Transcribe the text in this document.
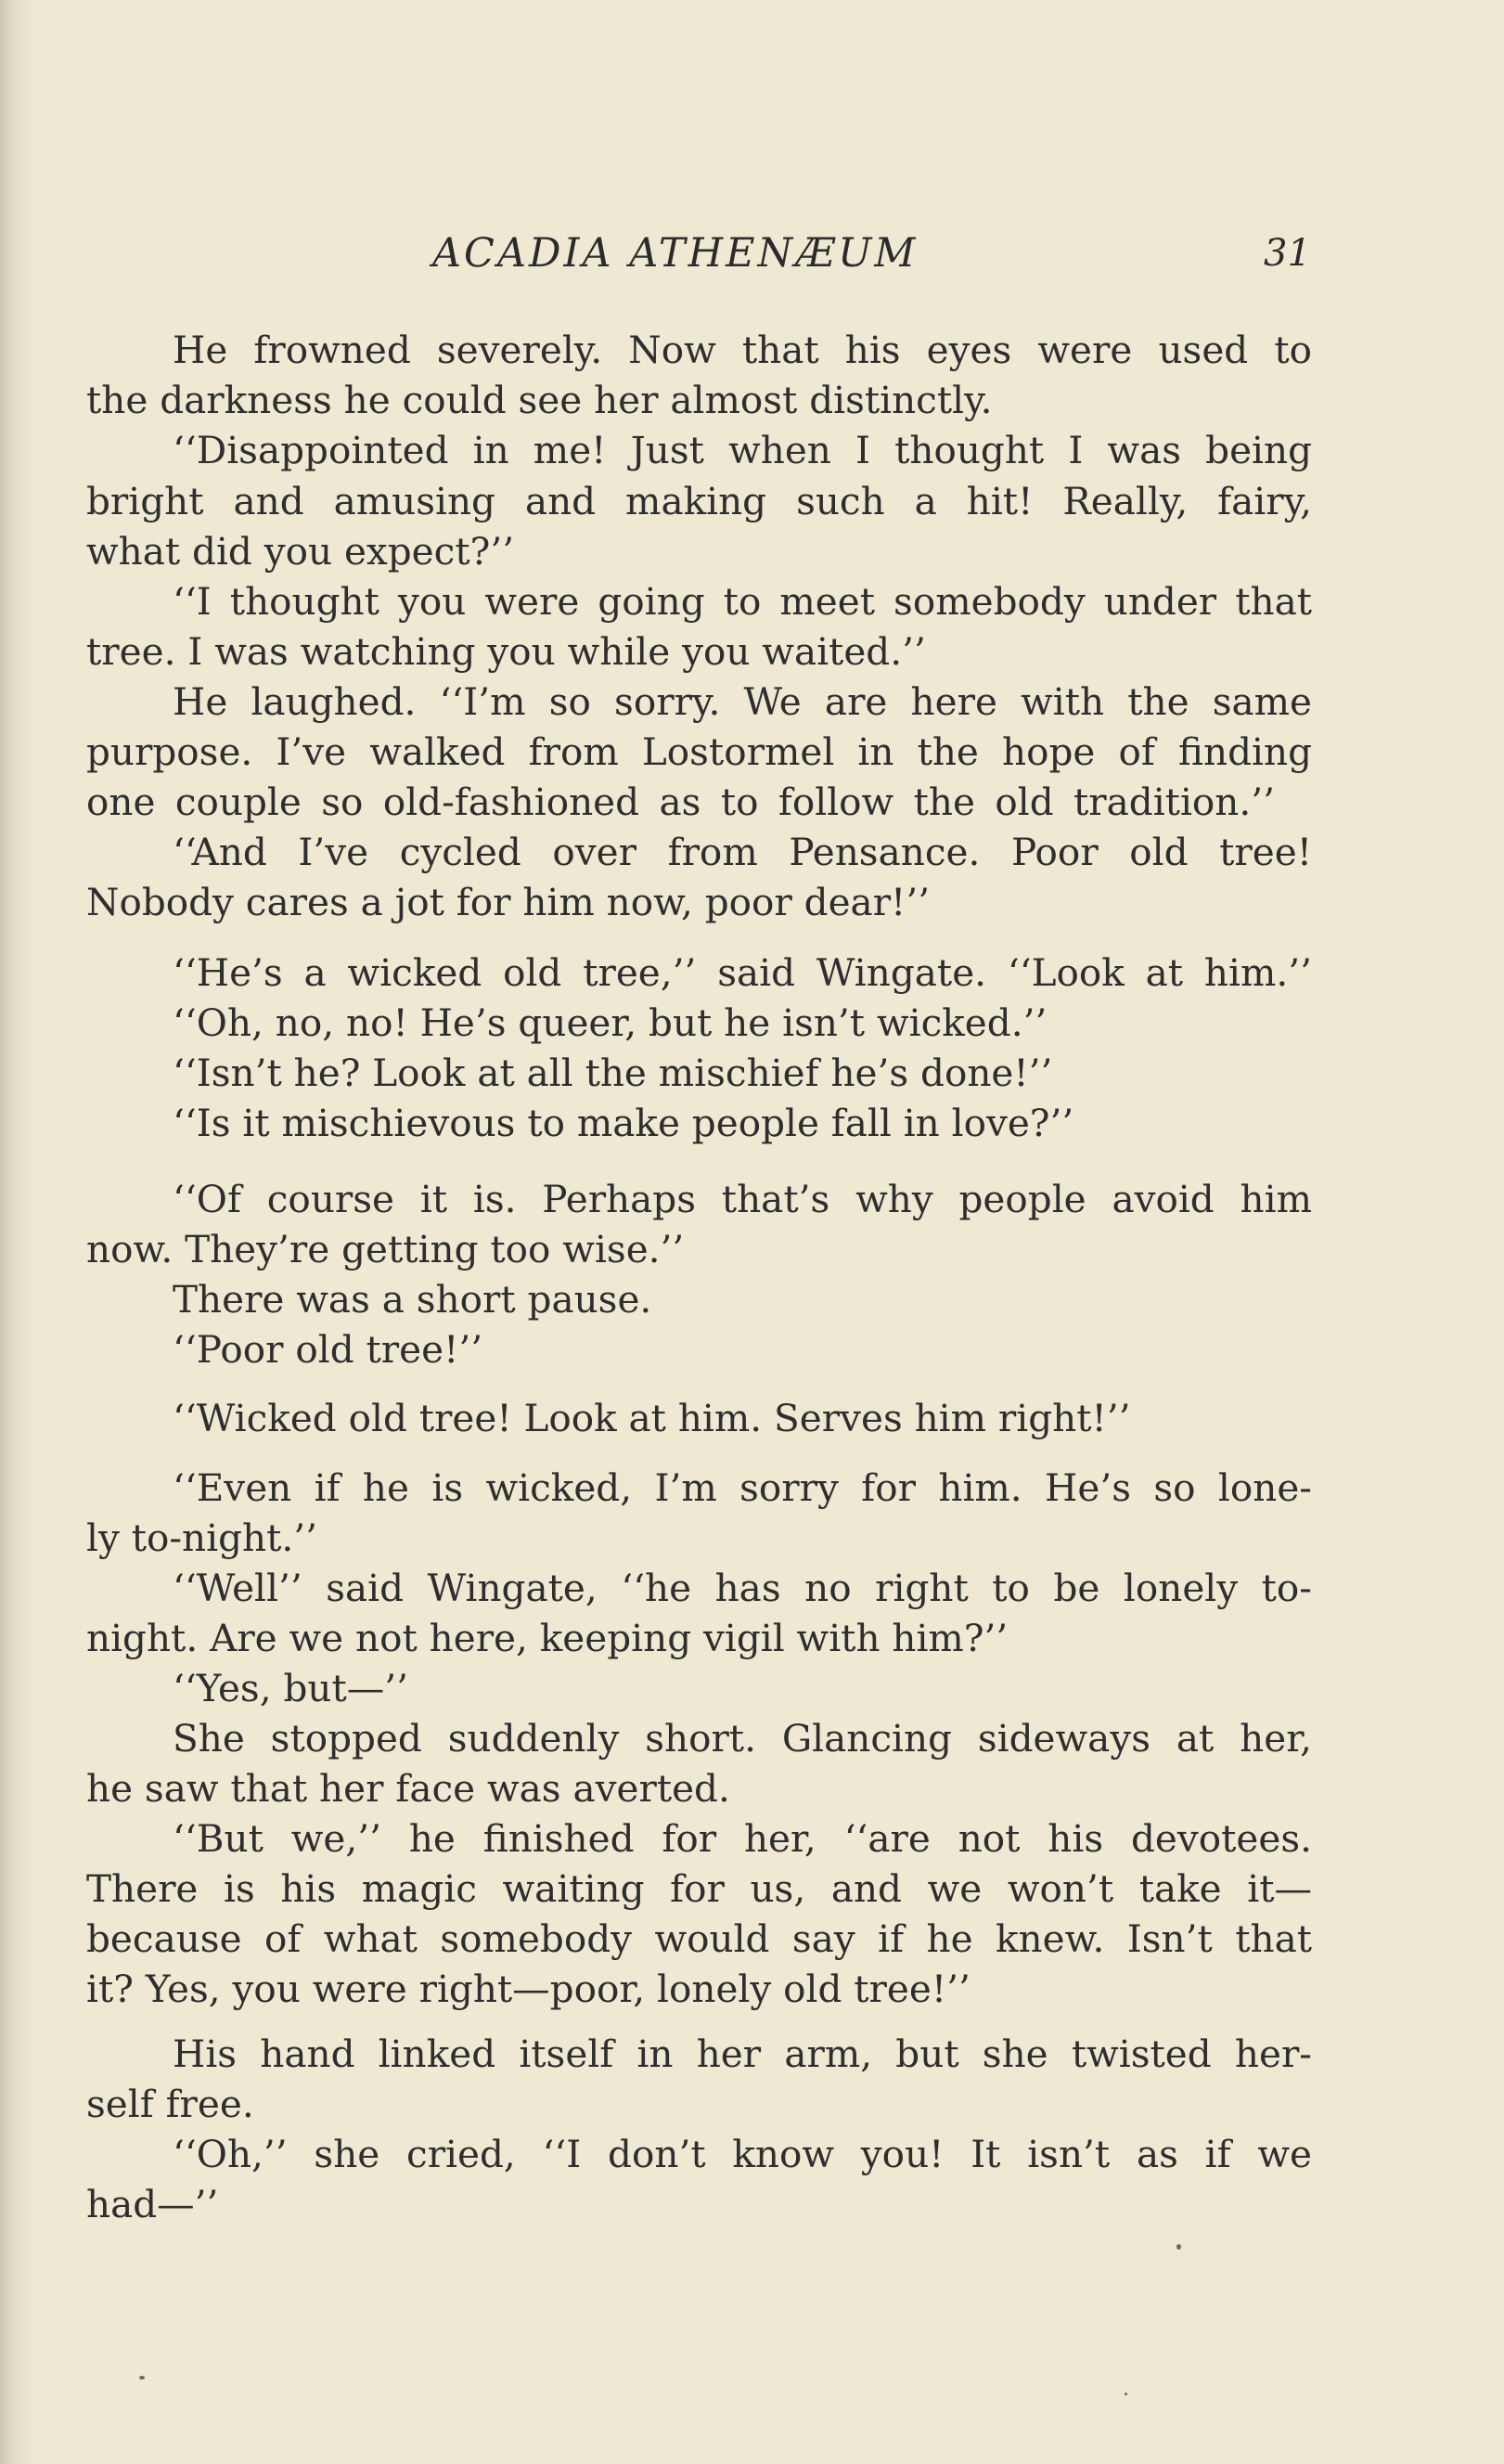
ACADIA ATHENÆUM	31
He frowned severely. Now that his eyes were used to
the darkness he could see her almost distinctly.
‘‘Disappointed in me! Just when I thought I was being
bright and amusing and making such a hit! Really, fairy,
what did you expect?’’
‘‘I thought you were going to meet somebody under that
tree. I was watching you while you waited.’’
He laughed. ‘‘I’m so sorry. We are here with the same
purpose. I’ve walked from Lostormel in the hope of finding
one couple so old-fashioned as to follow the old tradition.’’
‘‘And I’ve cycled over from Pensance. Poor old tree!
Nobody cares a jot for him now, poor dear!’’
‘‘He’s a wicked old tree,’’ said Wingate. ‘‘Look at him.’’
‘‘Oh, no, no! He’s queer, but he isn’t wicked.’’
‘‘Isn’t he? Look at all the mischief he’s done!’’
‘‘Is it mischievous to make people fall in love?’’
‘‘Of course it is. Perhaps that’s why people avoid him
now. They’re getting too wise.’’
There was a short pause.
‘‘Poor old tree!’’
‘‘Wicked old tree! Look at him. Serves him right!’’
‘‘Even if he is wicked, I’m sorry for him. He’s so lone-
ly to-night.’’
‘‘Well’’ said Wingate, ‘‘he has no right to be lonely to-
night. Are we not here, keeping vigil with him?’’
‘‘Yes, but—’’
She stopped suddenly short. Glancing sideways at her,
he saw that her face was averted.
‘‘But we,’’ he finished for her, ‘‘are not his devotees.
There is his magic waiting for us, and we won’t take it—
because of what somebody would say if he knew. Isn’t that
it? Yes, you were right—poor, lonely old tree!’’
His hand linked itself in her arm, but she twisted her-
self free.
‘‘Oh,’’ she cried, ‘‘I don’t know you! It isn’t as if we
had—’’
